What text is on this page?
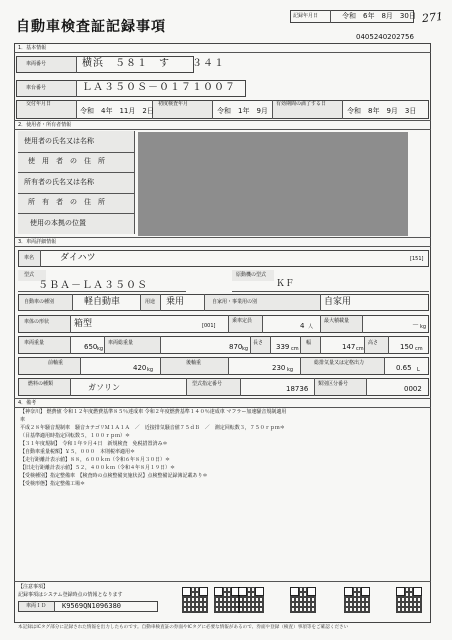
自動車検査証記録事項
記録年月日	令和　6年　8月　30日 271
0405240202756
1．基本情報
車両番号	横浜　５８１　す　　３４１
車台番号	ＬＡ３５０Ｓ－０１７１００７
交付年月日
令和　4年　11月　2日
初度検査年月
令和　1年　9月
有効期間の満了する日
令和　8年　9月　3日
2．使用者・所有者情報
使用者の氏名又は名称
使　用　者　の　住　所
所有者の氏名又は名称
所　有　者　の　住　所
使用の本拠の位置
3．車両詳細情報
車名	ダイハツ	[151]
型式
５ＢＡ－ＬＡ３５０Ｓ
原動機の型式
ＫＦ
自動車の種別	軽自動車	用途 乗用	自家用・事業用の別	自家用
車体の形状	箱型	[001]
乗車定員
4 人
最大積載量	－ kg
車両重量	650 kg
車両総重量	870 kg
長さ 339 cm
幅	147 cm
高さ	150 cm
前軸重
420 kg
後軸重
230 kg
総排気量又は定格出力
0.65 L
燃料の種類	ガソリン	型式指定番号
18736
類別区分番号
0002
4．備考
【神奈川】 燃費値 令和１２年度燃費基準８５％達成車 令和２年度燃費基準１４０％達成車 マフラー加速騒音規制適用
車
平成２８年騒音規制車　騒音カテゴリＭ１Ａ１Ａ　／　近接排気騒音値７５ｄＢ　／　測定回転数３，７５０ｒｐｍ＊
（目基準適用時指定回転数５，１００ｒｐｍ）＊
【３１年度規制】　令和１年９月４日　新規検査　免税措置済み＊
【自動車重量税額】￥５，０００　本則税率適用＊
【走行距離計表示値】８８，６００ｋｍ（令和６年８月３０日）＊
【旧走行距離計表示値】５２，４００ｋｍ（令和４年８月１９日）＊
【受検種別】指定整備車　【検査時の点検整備実施状況】点検整備記録簿記載あり＊
【受検形態】指定整備工場＊
【注意事項】
記録事項はシステム登録時点の情報となります
車両ＩＤ K9569QN1096380
本記録はICタグ部分に記録された情報を出力したものです。自動車検査証の券面やICタグに必要な情報があるので、券面や登録（検査）事項等をご確認ください
